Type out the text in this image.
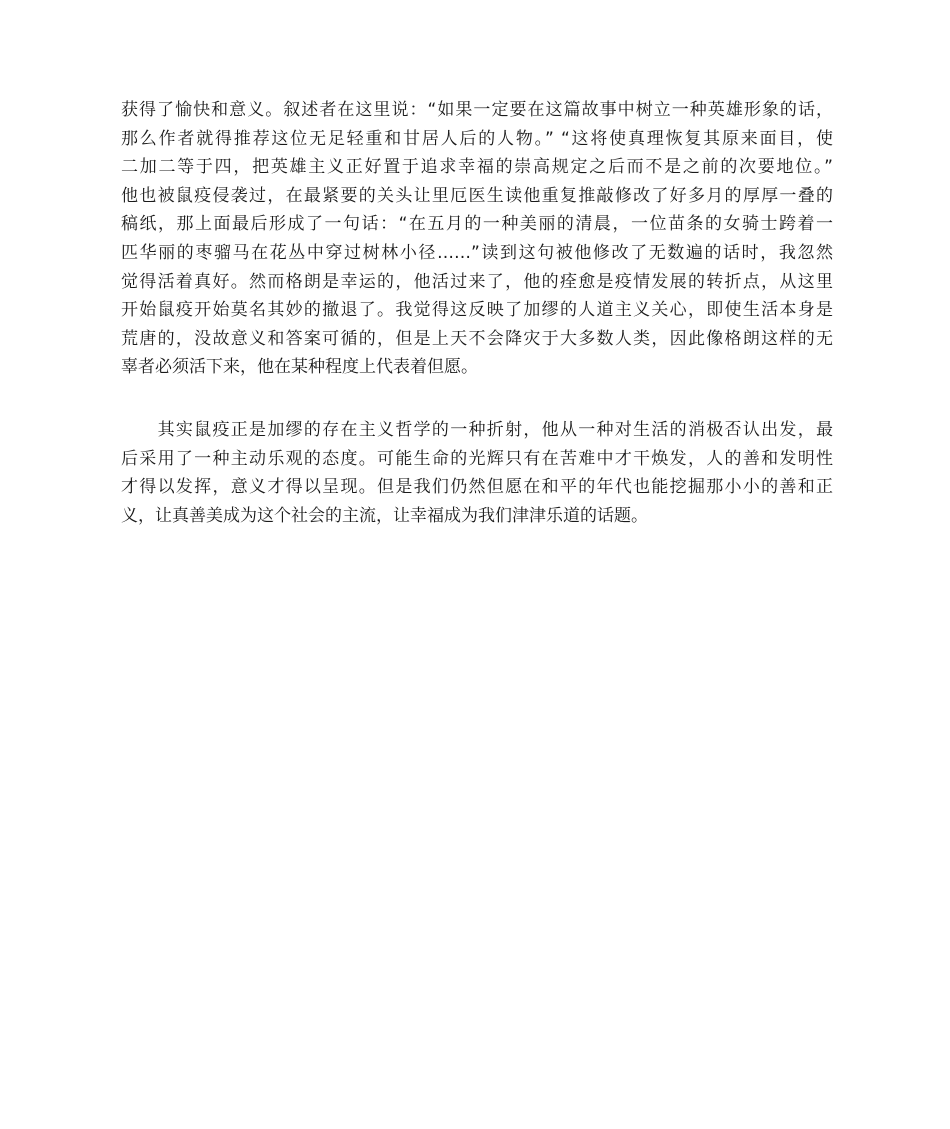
获得了愉快和意义。叙述者在这里说：“如果一定要在这篇故事中树立一种英雄形象的话，
那么作者就得推荐这位无足轻重和甘居人后的人物。” “这将使真理恢复其原来面目，使
二加二等于四，把英雄主义正好置于追求幸福的崇高规定之后而不是之前的次要地位。”
他也被鼠疫侵袭过，在最紧要的关头让里厄医生读他重复推敲修改了好多月的厚厚一叠的
稿纸，那上面最后形成了一句话：“在五月的一种美丽的清晨，一位苗条的女骑士跨着一
匹华丽的枣骝马在花丛中穿过树林小径……”读到这句被他修改了无数遍的话时，我忽然
觉得活着真好。然而格朗是幸运的，他活过来了，他的痊愈是疫情发展的转折点，从这里
开始鼠疫开始莫名其妙的撤退了。我觉得这反映了加缪的人道主义关心，即使生活本身是
荒唐的，没故意义和答案可循的，但是上天不会降灾于大多数人类，因此像格朗这样的无
辜者必须活下来，他在某种程度上代表着但愿。
　　其实鼠疫正是加缪的存在主义哲学的一种折射，他从一种对生活的消极否认出发，最
后采用了一种主动乐观的态度。可能生命的光辉只有在苦难中才干焕发，人的善和发明性
才得以发挥，意义才得以呈现。但是我们仍然但愿在和平的年代也能挖掘那小小的善和正
义，让真善美成为这个社会的主流，让幸福成为我们津津乐道的话题。
